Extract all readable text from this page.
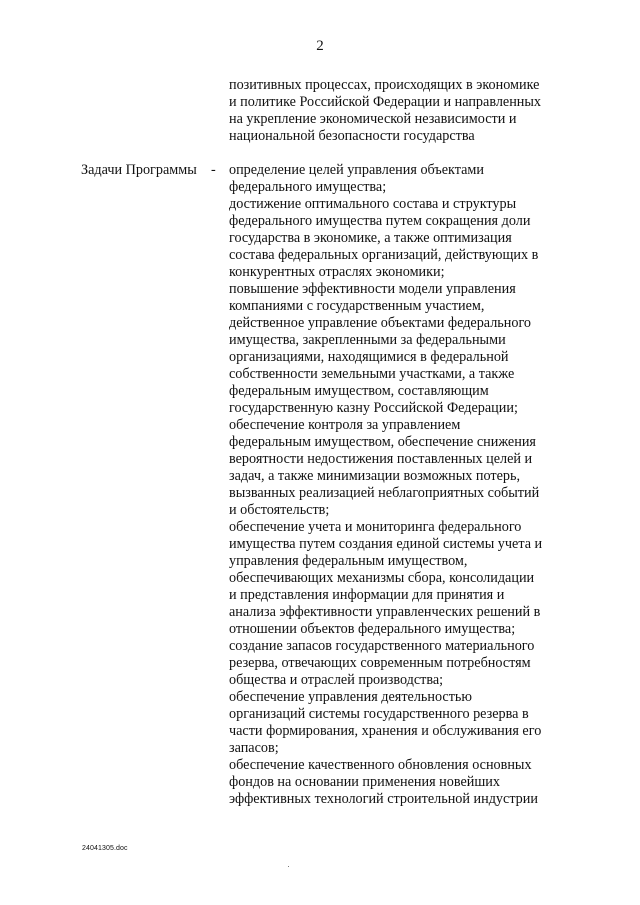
2
позитивных процессах, происходящих в экономике
и политике Российской Федерации и направленных
на укрепление экономической независимости и
национальной безопасности государства
Задачи Программы - определение целей управления объектами
федерального имущества;
достижение оптимального состава и структуры
федерального имущества путем сокращения доли
государства в экономике, а также оптимизация
состава федеральных организаций, действующих в
конкурентных отраслях экономики;
повышение эффективности модели управления
компаниями с государственным участием,
действенное управление объектами федерального
имущества, закрепленными за федеральными
организациями, находящимися в федеральной
собственности земельными участками, а также
федеральным имуществом, составляющим
государственную казну Российской Федерации;
обеспечение контроля за управлением
федеральным имуществом, обеспечение снижения
вероятности недостижения поставленных целей и
задач, а также минимизации возможных потерь,
вызванных реализацией неблагоприятных событий
и обстоятельств;
обеспечение учета и мониторинга федерального
имущества путем создания единой системы учета и
управления федеральным имуществом,
обеспечивающих механизмы сбора, консолидации
и представления информации для принятия и
анализа эффективности управленческих решений в
отношении объектов федерального имущества;
создание запасов государственного материального
резерва, отвечающих современным потребностям
общества и отраслей производства;
обеспечение управления деятельностью
организаций системы государственного резерва в
части формирования, хранения и обслуживания его
запасов;
обеспечение качественного обновления основных
фондов на основании применения новейших
эффективных технологий строительной индустрии
24041305.doc
